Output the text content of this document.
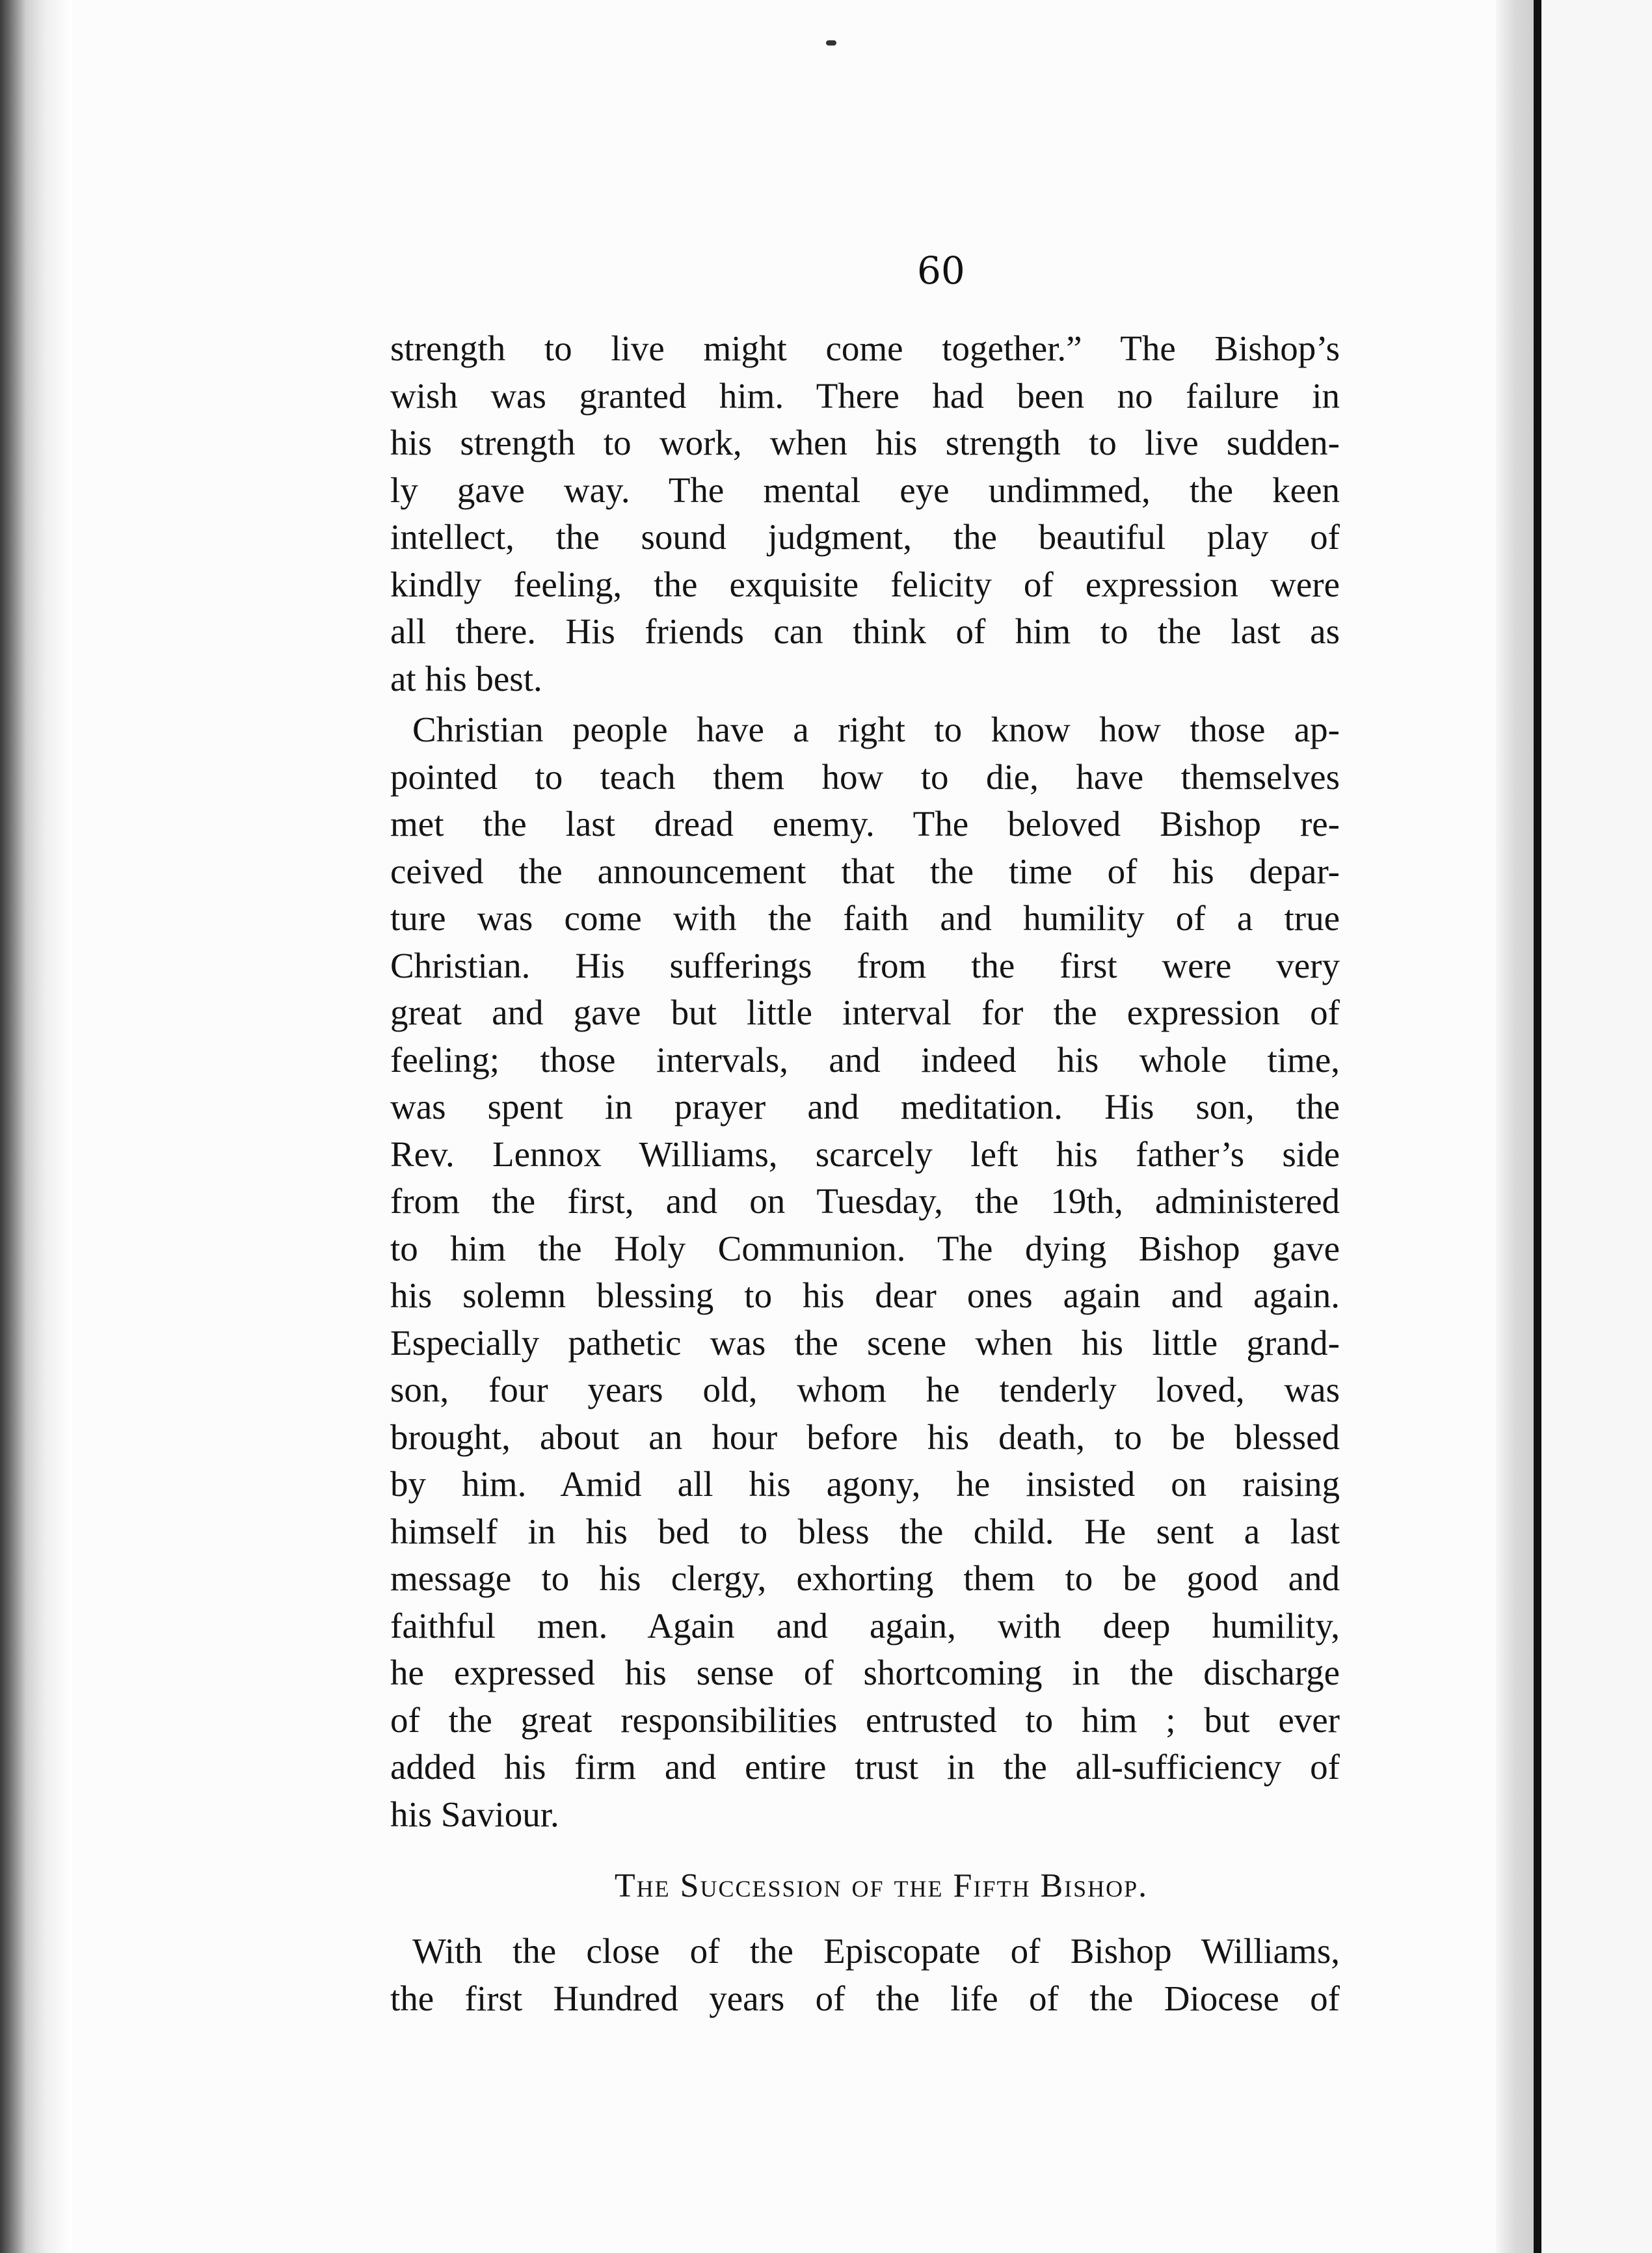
60
strength to live might come together.” The Bishop’s
wish was granted him. There had been no failure in
his strength to work, when his strength to live sudden-
ly gave way. The mental eye undimmed, the keen
intellect, the sound judgment, the beautiful play of
kindly feeling, the exquisite felicity of expression were
all there. His friends can think of him to the last as
at his best.
Christian people have a right to know how those ap-
pointed to teach them how to die, have themselves
met the last dread enemy. The beloved Bishop re-
ceived the announcement that the time of his depar-
ture was come with the faith and humility of a true
Christian. His sufferings from the first were very
great and gave but little interval for the expression of
feeling; those intervals, and indeed his whole time,
was spent in prayer and meditation. His son, the
Rev. Lennox Williams, scarcely left his father’s side
from the first, and on Tuesday, the 19th, administered
to him the Holy Communion. The dying Bishop gave
his solemn blessing to his dear ones again and again.
Especially pathetic was the scene when his little grand-
son, four years old, whom he tenderly loved, was
brought, about an hour before his death, to be blessed
by him. Amid all his agony, he insisted on raising
himself in his bed to bless the child. He sent a last
message to his clergy, exhorting them to be good and
faithful men. Again and again, with deep humility,
he expressed his sense of shortcoming in the discharge
of the great responsibilities entrusted to him ; but ever
added his firm and entire trust in the all-sufficiency of
his Saviour.
The Succession of the Fifth Bishop.
With the close of the Episcopate of Bishop Williams,
the first Hundred years of the life of the Diocese of
